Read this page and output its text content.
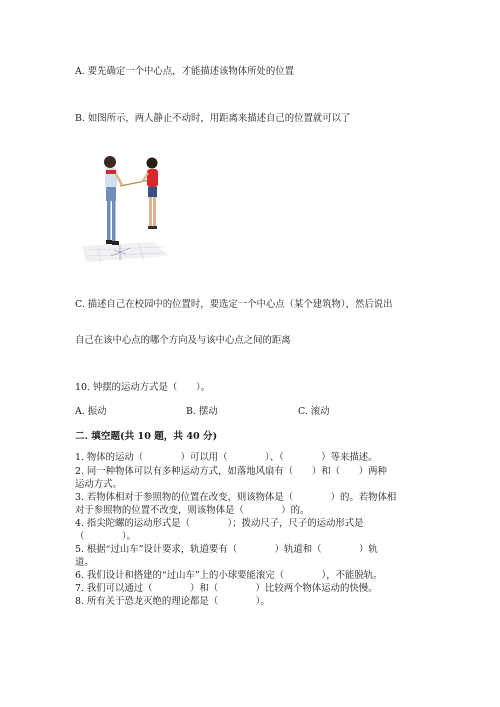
A. 要先确定一个中心点，才能描述该物体所处的位置
B. 如图所示，两人静止不动时，用距离来描述自己的位置就可以了
C. 描述自己在校园中的位置时，要选定一个中心点（某个建筑物），然后说出
自己在该中心点的哪个方向及与该中心点之间的距离
10. 钟摆的运动方式是（　　）。
A. 振动	B. 摆动	C. 滚动
二. 填空题(共 10 题，共 40 分)
1. 物体的运动（　　　　）可以用（　　　　）、（　　　　）等来描述。
2. 同一种物体可以有多种运动方式，如落地风扇有（　　）和（　　）两种
运动方式。
3. 若物体相对于参照物的位置在改变，则该物体是（　　　　）的。若物体相
对于参照物的位置不改变，则该物体是（　　　　）的。
4. 指尖陀螺的运动形式是（　　　　）；拨动尺子，尺子的运动形式是
（　　　　）。
5. 根据“过山车”设计要求，轨道要有（　　　　）轨道和（　　　　）轨
道。
6. 我们设计和搭建的“过山车”上的小球要能滚完（　　　　），不能脱轨。
7. 我们可以通过（　　　　）和（　　　　）比较两个物体运动的快慢。
8. 所有关于恐龙灭绝的理论都是（　　　　）。
